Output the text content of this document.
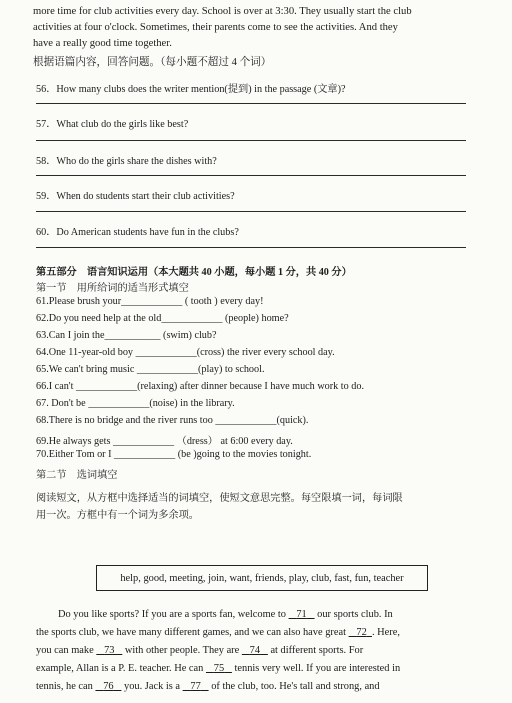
more time for club activities every day. School is over at 3:30. They usually start the club
activities at four o'clock. Sometimes, their parents come to see the activities. And they
have a really good time together.
根据语篇内容，回答问题。（每小题不超过 4 个词）
56．How many clubs does the writer mention(提到) in the passage (文章)?
57．What club do the girls like best?
58．Who do the girls share the dishes with?
59．When do students start their club activities?
60．Do American students have fun in the clubs?
第五部分　语言知识运用（本大题共 40 小题，每小题 1 分，共 40 分）
第一节　用所给词的适当形式填空
61.Please brush your____________ ( tooth ) every day!
62.Do you need help at the old____________ (people) home?
63.Can I join the___________ (swim) club?
64.One 11-year-old boy ____________(cross) the river every school day.
65.We can't bring music ____________(play) to school.
66.I can't ____________(relaxing) after dinner because I have much work to do.
67. Don't be ____________(noise) in the library.
68.There is no bridge and the river runs too ____________(quick).
69.He always gets ____________ （dress） at 6:00 every day.
70.Either Tom or I ____________ (be )going to the movies tonight.
第二节　选词填空
阅读短文，从方框中选择适当的词填空，使短文意思完整。每空限填一词，每词限
用一次。方框中有一个词为多余项。
help, good, meeting, join, want, friends, play, club, fast, fun, teacher
Do you like sports? If you are a sports fan, welcome to    71    our sports club. In
the sports club, we have many different games, and we can also have great    72 . Here,
you can make    73    with other people. They are    74    at different sports. For
example, Allan is a P. E. teacher. He can    75    tennis very well. If you are interested in
tennis, he can    76    you. Jack is a    77    of the club, too. He's tall and strong, and
